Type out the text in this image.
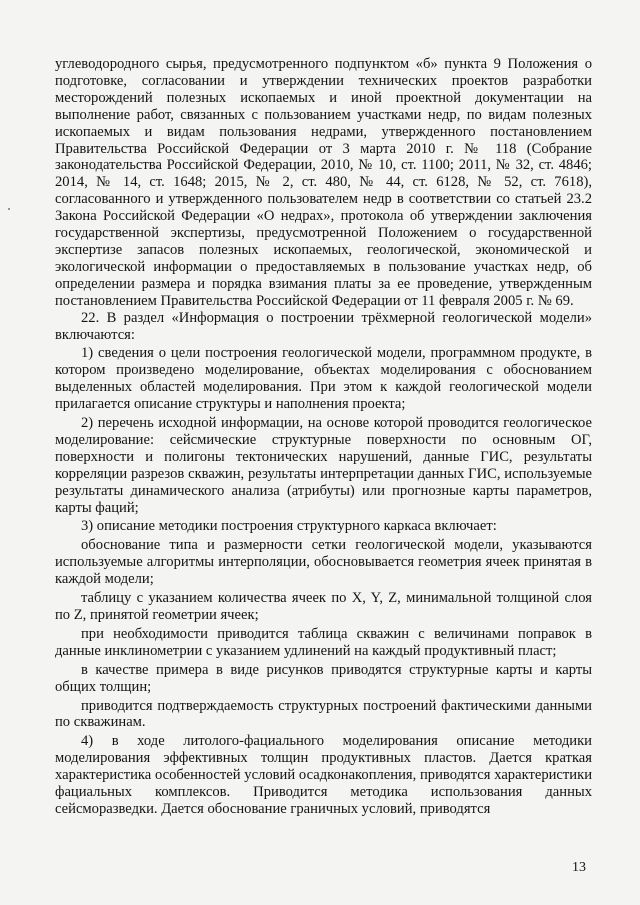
углеводородного сырья, предусмотренного подпунктом «б» пункта 9 Положения о подготовке, согласовании и утверждении технических проектов разработки месторождений полезных ископаемых и иной проектной документации на выполнение работ, связанных с пользованием участками недр, по видам полезных ископаемых и видам пользования недрами, утвержденного постановлением Правительства Российской Федерации от 3 марта 2010 г. № 118 (Собрание законодательства Российской Федерации, 2010, № 10, ст. 1100; 2011, № 32, ст. 4846; 2014, № 14, ст. 1648; 2015, № 2, ст. 480, № 44, ст. 6128, № 52, ст. 7618), согласованного и утвержденного пользователем недр в соответствии со статьей 23.2 Закона Российской Федерации «О недрах», протокола об утверждении заключения государственной экспертизы, предусмотренной Положением о государственной экспертизе запасов полезных ископаемых, геологической, экономической и экологической информации о предоставляемых в пользование участках недр, об определении размера и порядка взимания платы за ее проведение, утвержденным постановлением Правительства Российской Федерации от 11 февраля 2005 г. № 69.

22. В раздел «Информация о построении трёхмерной геологической модели» включаются:

1) сведения о цели построения геологической модели, программном продукте, в котором произведено моделирование, объектах моделирования с обоснованием выделенных областей моделирования. При этом к каждой геологической модели прилагается описание структуры и наполнения проекта;

2) перечень исходной информации, на основе которой проводится геологическое моделирование: сейсмические структурные поверхности по основным ОГ, поверхности и полигоны тектонических нарушений, данные ГИС, результаты корреляции разрезов скважин, результаты интерпретации данных ГИС, используемые результаты динамического анализа (атрибуты) или прогнозные карты параметров, карты фаций;

3) описание методики построения структурного каркаса включает:

обоснование типа и размерности сетки геологической модели, указываются используемые алгоритмы интерполяции, обосновывается геометрия ячеек принятая в каждой модели;

таблицу с указанием количества ячеек по X, Y, Z, минимальной толщиной слоя по Z, принятой геометрии ячеек;

при необходимости приводится таблица скважин с величинами поправок в данные инклинометрии с указанием удлинений на каждый продуктивный пласт;

в качестве примера в виде рисунков приводятся структурные карты и карты общих толщин;

приводится подтверждаемость структурных построений фактическими данными по скважинам.

4) в ходе литолого-фациального моделирования описание методики моделирования эффективных толщин продуктивных пластов. Дается краткая характеристика особенностей условий осадконакопления, приводятся характеристики фациальных комплексов. Приводится методика использования данных сейсморазведки. Дается обоснование граничных условий, приводятся

13
